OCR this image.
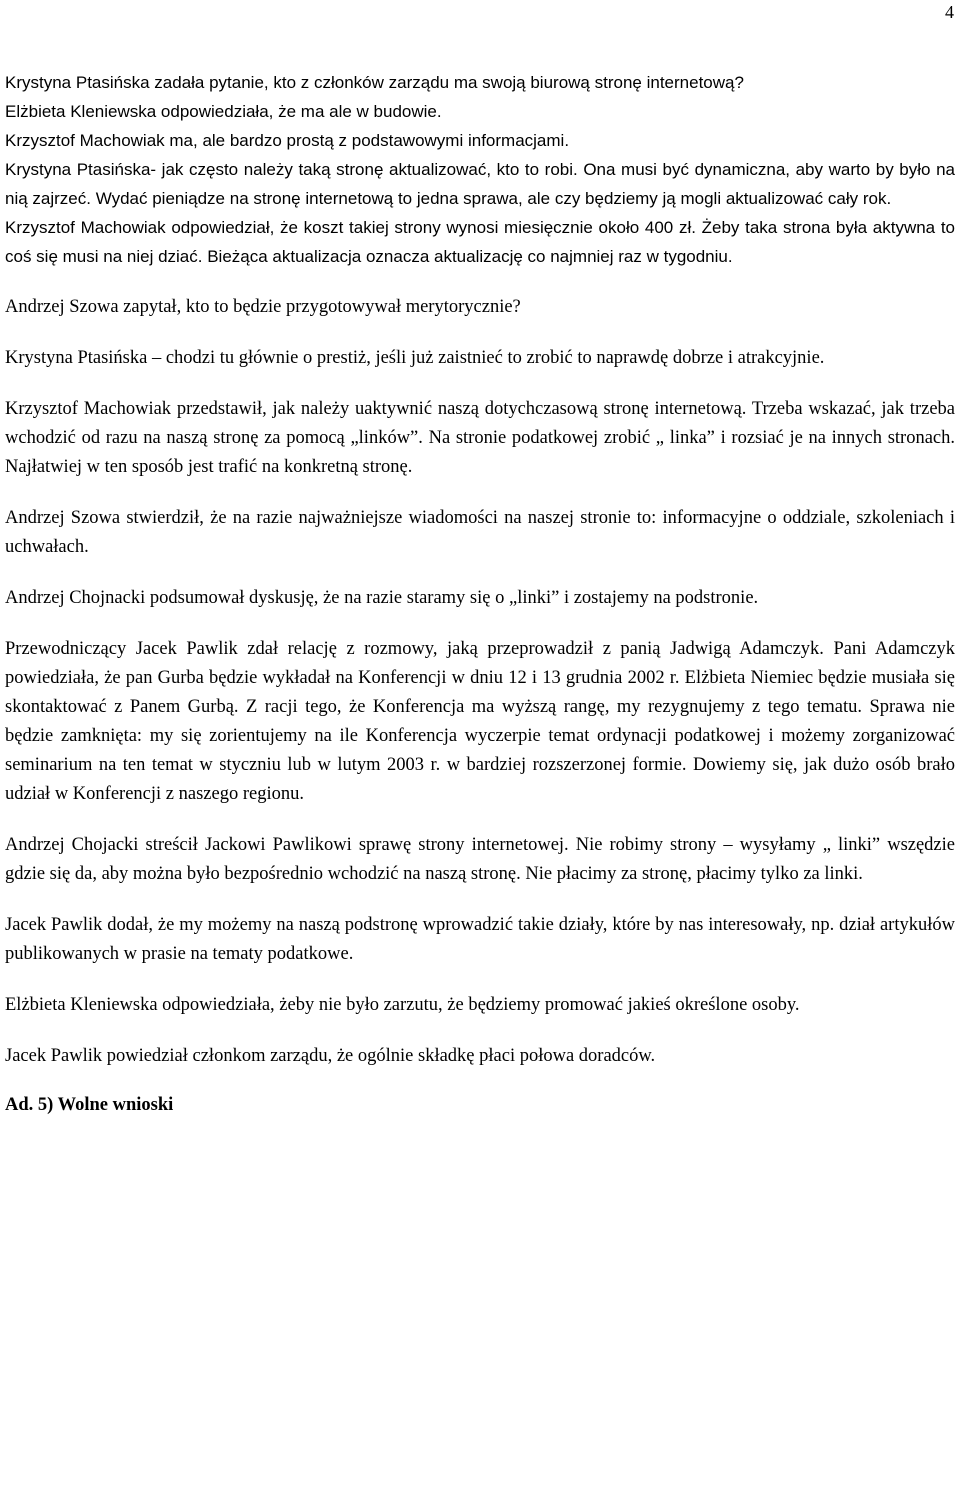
4

Krystyna Ptasińska zadała pytanie, kto z członków zarządu ma swoją biurową stronę internetową?

Elżbieta Kleniewska odpowiedziała, że ma ale w budowie.

Krzysztof Machowiak ma, ale bardzo prostą z podstawowymi informacjami.

Krystyna Ptasińska- jak często należy taką stronę aktualizować, kto to robi. Ona musi być dynamiczna, aby warto by było na nią zajrzeć. Wydać pieniądze na stronę internetową to jedna sprawa, ale czy będziemy ją mogli aktualizować cały rok.

Krzysztof Machowiak odpowiedział, że koszt takiej strony wynosi miesięcznie około 400 zł. Żeby taka strona była aktywna to coś się musi na niej dziać. Bieżąca aktualizacja oznacza aktualizację co najmniej raz w tygodniu.

Andrzej Szowa zapytał, kto to będzie przygotowywał merytorycznie?

Krystyna Ptasińska – chodzi tu głównie o prestiż, jeśli już zaistnieć to zrobić to naprawdę dobrze i atrakcyjnie.

Krzysztof Machowiak przedstawił, jak należy uaktywnić naszą dotychczasową stronę internetową. Trzeba wskazać, jak trzeba wchodzić od razu na naszą stronę za pomocą „linków”. Na stronie podatkowej zrobić „ linka” i rozsiać je na innych stronach. Najłatwiej w ten sposób jest trafić na konkretną stronę.

Andrzej Szowa stwierdził, że na razie najważniejsze wiadomości na naszej stronie to: informacyjne o oddziale, szkoleniach i uchwałach.

Andrzej Chojnacki podsumował dyskusję, że na razie staramy się o „linki” i zostajemy na podstronie.

Przewodniczący Jacek Pawlik zdał relację z rozmowy, jaką przeprowadził z panią Jadwigą Adamczyk. Pani Adamczyk powiedziała, że pan Gurba będzie wykładał na Konferencji w dniu 12 i 13 grudnia 2002 r. Elżbieta Niemiec będzie musiała się skontaktować z Panem Gurbą. Z racji tego, że Konferencja ma wyższą rangę, my rezygnujemy z tego tematu. Sprawa nie będzie zamknięta: my się zorientujemy na ile Konferencja wyczerpie temat ordynacji podatkowej i możemy zorganizować seminarium na ten temat w styczniu lub w lutym 2003 r. w bardziej rozszerzonej formie. Dowiemy się, jak dużo osób brało udział w Konferencji z naszego regionu.

Andrzej Chojacki streścił Jackowi Pawlikowi sprawę strony internetowej. Nie robimy strony – wysyłamy „ linki” wszędzie gdzie się da, aby można było bezpośrednio wchodzić na naszą stronę. Nie płacimy za stronę, płacimy tylko za linki.

Jacek Pawlik dodał, że my możemy na naszą podstronę wprowadzić takie działy, które by nas interesowały, np. dział artykułów publikowanych w prasie na tematy podatkowe.

Elżbieta Kleniewska odpowiedziała, żeby nie było zarzutu, że będziemy promować jakieś określone osoby.

Jacek Pawlik powiedział członkom zarządu, że ogólnie składkę płaci połowa doradców.

Ad. 5) Wolne wnioski
